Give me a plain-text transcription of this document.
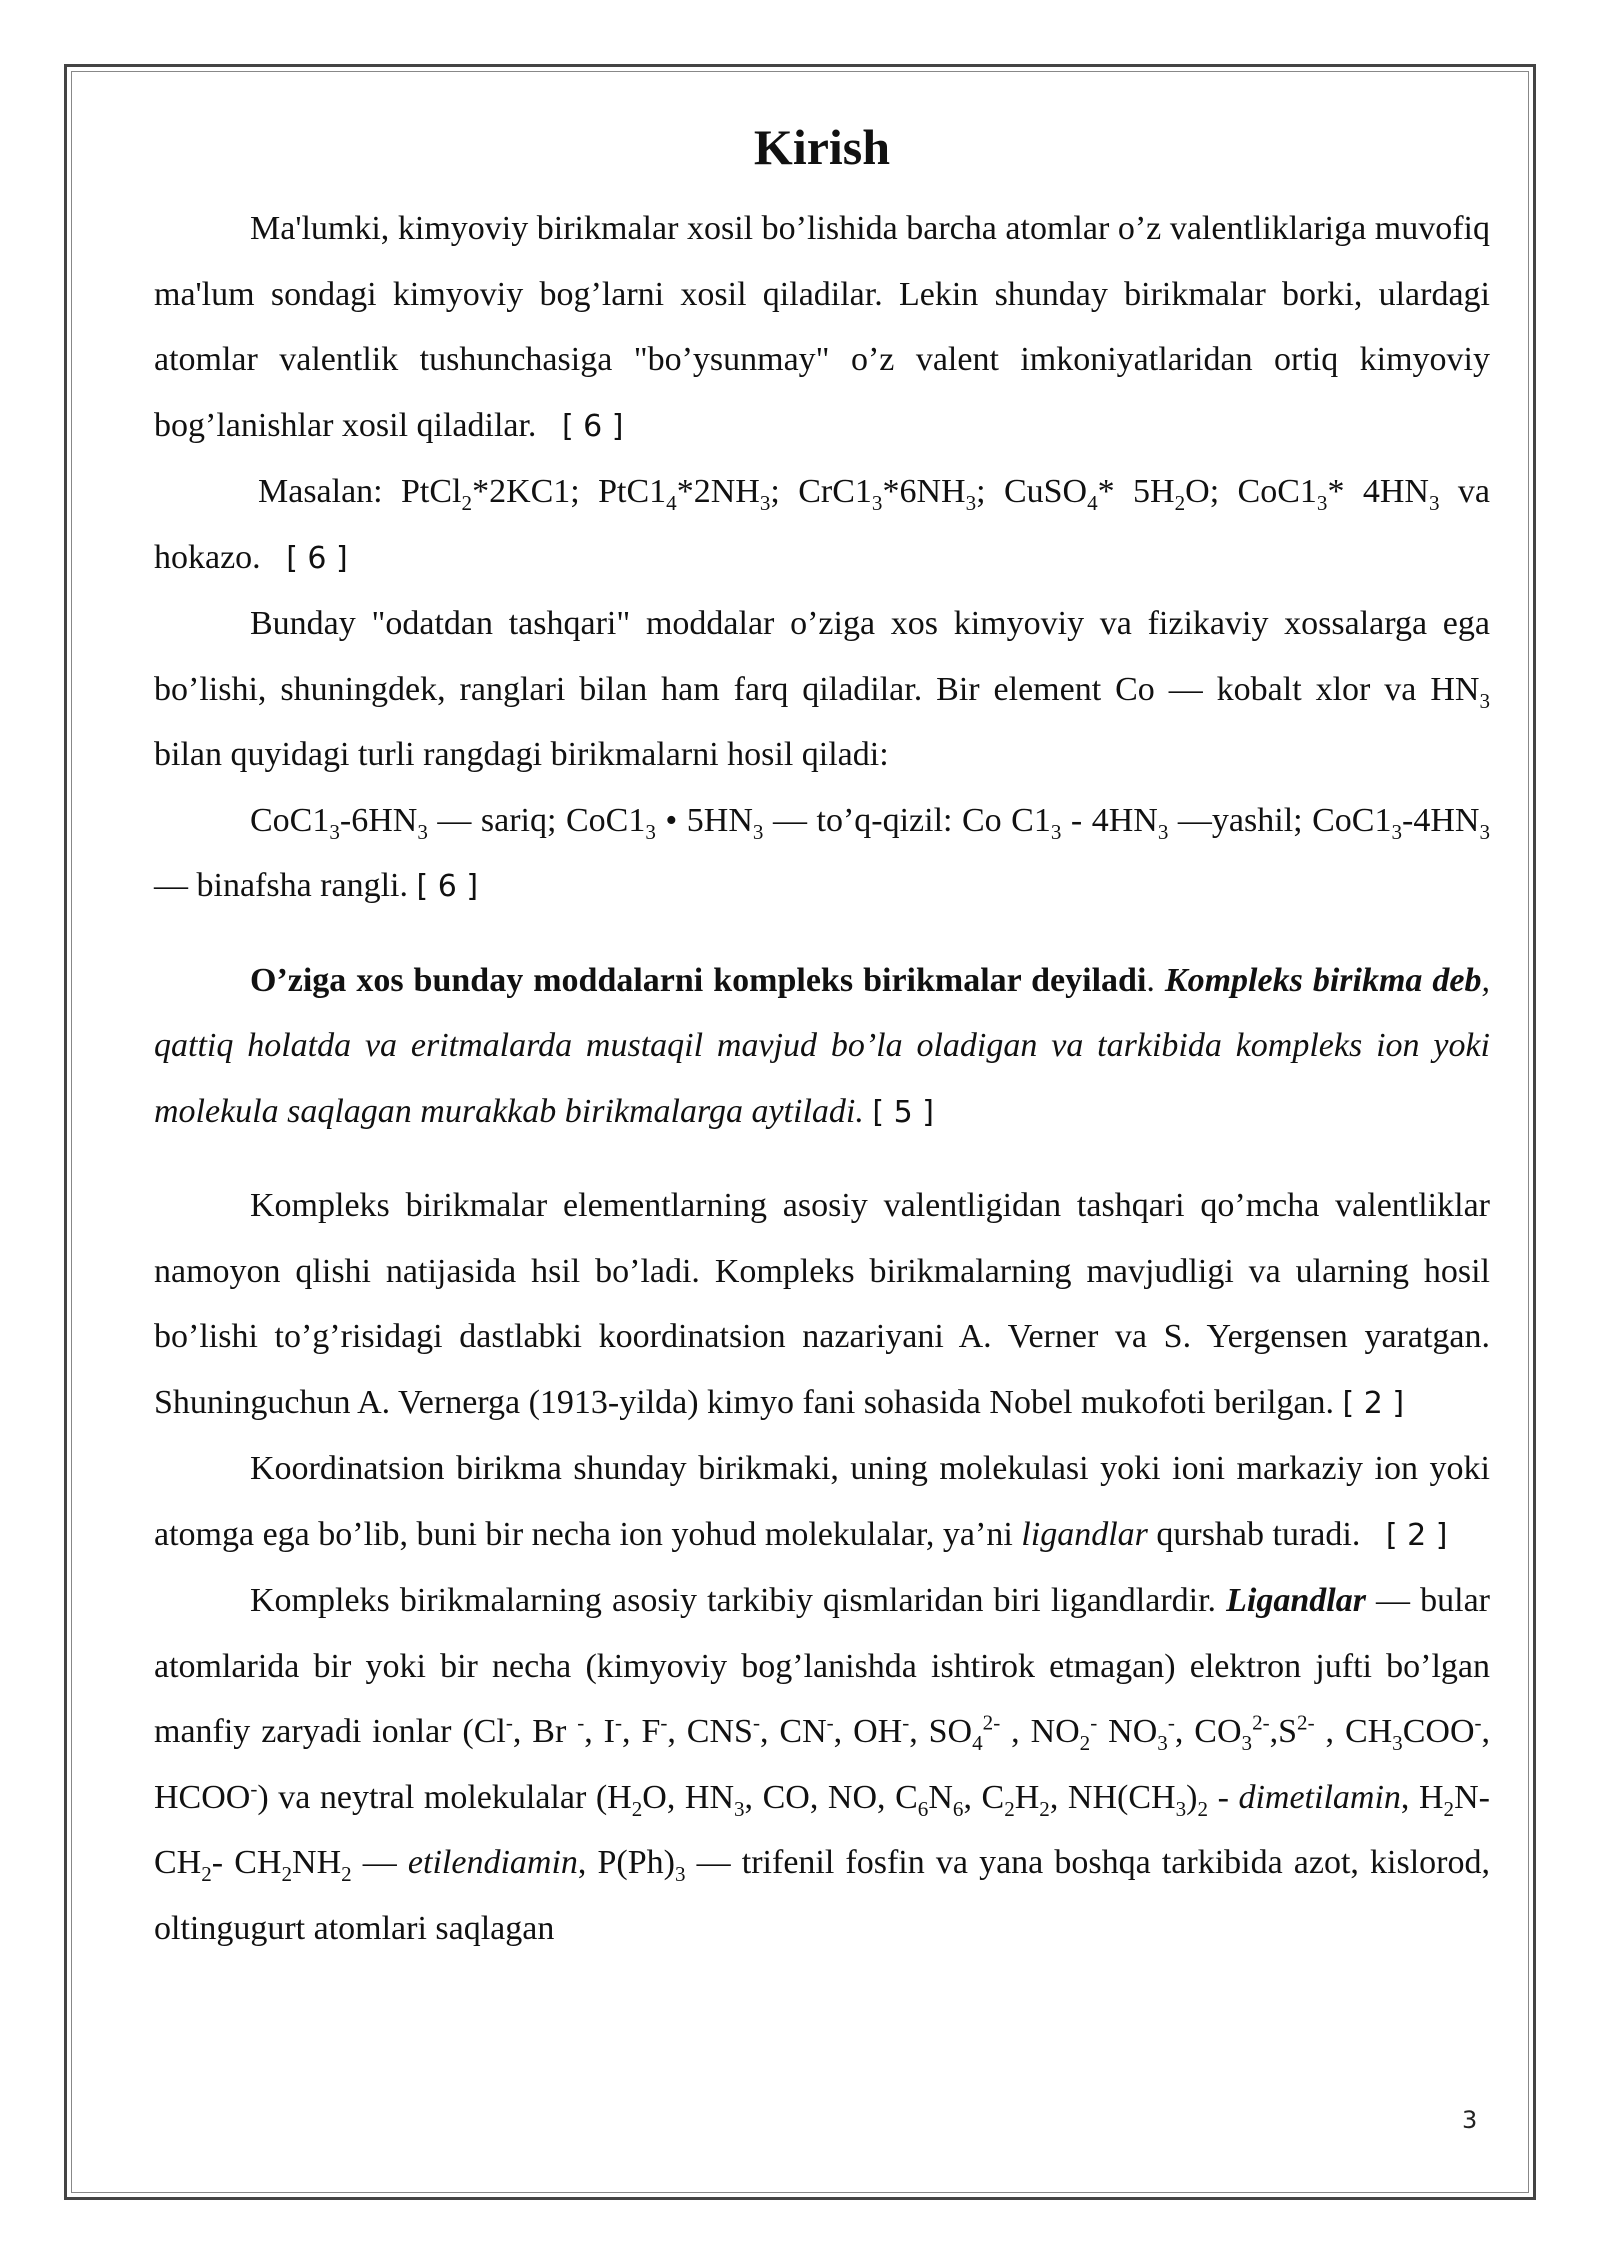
Kirish

Ma'lumki, kimyoviy birikmalar xosil bo’lishida barcha atomlar o’z valentliklariga muvofiq ma'lum sondagi kimyoviy bog’larni xosil qiladilar. Lekin shunday birikmalar borki, ulardagi atomlar valentlik tushunchasiga "bo’ysunmay" o’z valent imkoniyatlaridan ortiq kimyoviy bog’lanishlar xosil qiladilar. [ 6 ]

Masalan: PtCl$_2$*2KC1; $PtC1_4*2NH_3$; $CrC1_3*6NH_3$; CuSO$_4$* $5H_2O$; $CoC1_3*$ $4HN_3$ va hokazo. [ 6 ]

Bunday "odatdan tashqari" moddalar o’ziga xos kimyoviy va fizikaviy xossalarga ega bo’lishi, shuningdek, ranglari bilan ham farq qiladilar. Bir element Co — kobalt xlor va $HN_3$ bilan quyidagi turli rangdagi birikmalarni hosil qiladi:

$CoC1_3-6HN_3$ — sariq; $CoC1_3$ • $5HN_3$ — to’q-qizil: Co $C1_3 - 4HN_3$ —yashil; $CoC1_3-4HN_3$ — binafsha rangli. [ 6 ]

O’ziga xos bunday moddalarni kompleks birikmalar deyiladi. Kompleks birikma deb, qattiq holatda va eritmalarda mustaqil mavjud bo’la oladigan va tarkibida kompleks ion yoki molekula saqlagan murakkab birikmalarga aytiladi. [ 5 ]

Kompleks birikmalar elementlarning asosiy valentligidan tashqari qo’mcha valentliklar namoyon qlishi natijasida hsil bo’ladi. Kompleks birikmalarning mavjudligi va ularning hosil bo’lishi to’g’risidagi dastlabki koordinatsion nazariyani A. Verner va S. Yergensen yaratgan. Shuninguchun A. Vernerga (1913-yilda) kimyo fani sohasida Nobel mukofoti berilgan. [ 2 ]

Koordinatsion birikma shunday birikmaki, uning molekulasi yoki ioni markaziy ion yoki atomga ega bo’lib, buni bir necha ion yohud molekulalar, ya’ni ligandlar qurshab turadi. [ 2 ]

Kompleks birikmalarning asosiy tarkibiy qismlaridan biri ligandlardir. Ligandlar — bular atomlarida bir yoki bir necha (kimyoviy bog’lanishda ishtirok etmagan) elektron jufti bo’lgan manfiy zaryadi ionlar (Cl-, Br -, I-, F-, CNS-, CN-, OH-, $SO_4^{2-}$ , $NO_2^-$ $NO_3^-$, $CO_3^{2-},S^{2-}$ , $CH_3COO^-$, HCOO-) va neytral molekulalar ($H_2O$, $HN_3$, CO, NO, $C_6N_6$, $C_2H_2$, $NH(CH_3)_2$ - dimetilamin, $H_2N-CH_2-$ $CH_2NH_2$ — etilendiamin, $P(Ph)_3$ — trifenil fosfin va yana boshqa tarkibida azot, kislorod, oltingugurt atomlari saqlagan

3
